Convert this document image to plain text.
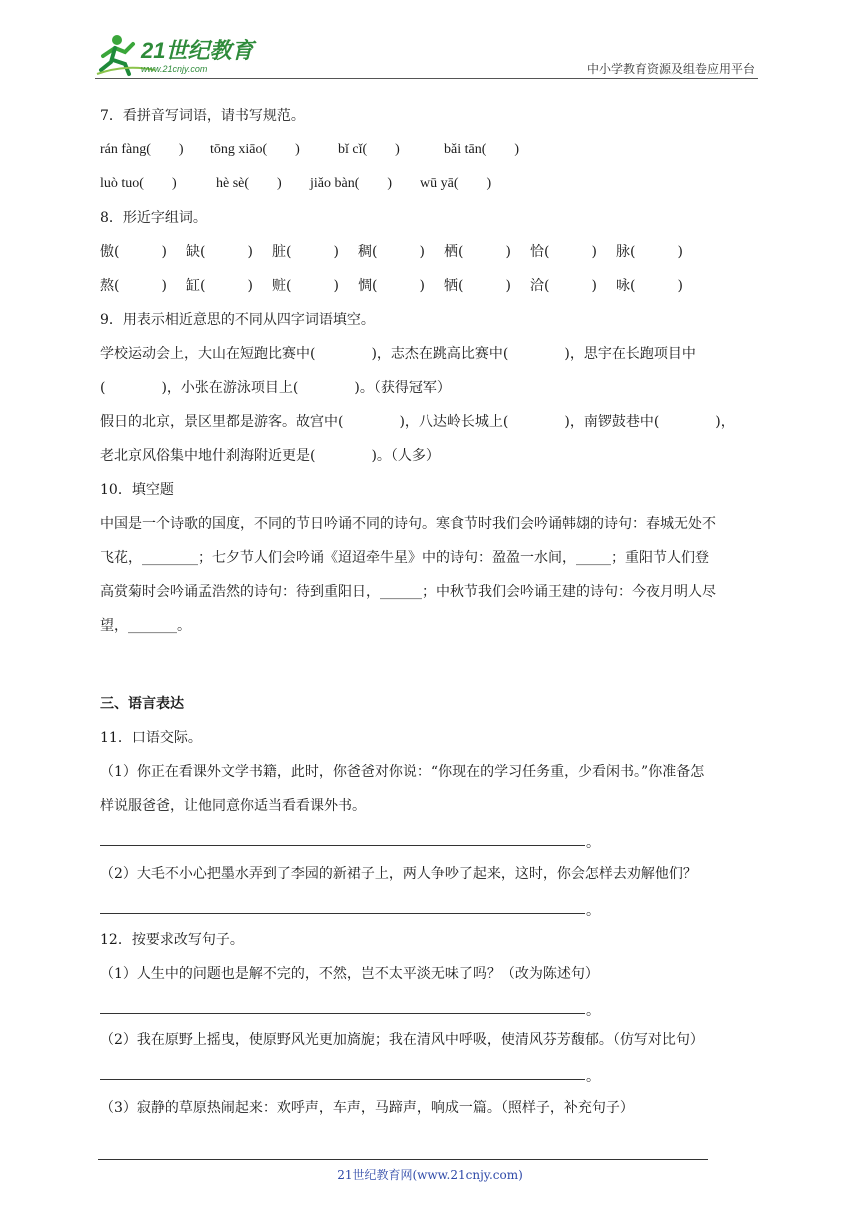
21世纪教育
www.21cnjy.com	中小学教育资源及组卷应用平台
7．看拼音写词语，请书写规范。
rán fàng(　　) tōng xiāo(　　)	bǐ cǐ(　　)	bǎi tān(　　)
luò tuo(　　)	hè sè(　　) jiǎo bàn(　　) wū yā(　　)
8．形近字组词。
傲(　　　) 缺(　　　) 脏(　　　) 稠(　　　) 栖(　　　) 恰(　　　) 脉(　　　)
熬(　　　) 缸(　　　) 赃(　　　) 惆(　　　) 牺(　　　) 洽(　　　) 咏(　　　)
9．用表示相近意思的不同从四字词语填空。
学校运动会上，大山在短跑比赛中(　　　　)，志杰在跳高比赛中(　　　　)，思宇在长跑项目中
(　　　　)，小张在游泳项目上(　　　　)。（获得冠军）
假日的北京，景区里都是游客。故宫中(　　　　)，八达岭长城上(　　　　)，南锣鼓巷中(　　　　)，
老北京风俗集中地什刹海附近更是(　　　　)。（人多）
10．填空题
中国是一个诗歌的国度，不同的节日吟诵不同的诗句。寒食节时我们会吟诵韩翃的诗句：春城无处不
飞花，________；七夕节人们会吟诵《迢迢牵牛星》中的诗句：盈盈一水间，_____；重阳节人们登
高赏菊时会吟诵孟浩然的诗句：待到重阳日，______；中秋节我们会吟诵王建的诗句：今夜月明人尽
望，_______。
三、语言表达
11．口语交际。
（1）你正在看课外文学书籍，此时，你爸爸对你说：“你现在的学习任务重，少看闲书。”你准备怎
样说服爸爸，让他同意你适当看看课外书。
。
（2）大毛不小心把墨水弄到了李园的新裙子上，两人争吵了起来，这时，你会怎样去劝解他们？
。
12．按要求改写句子。
（1）人生中的问题也是解不完的，不然，岂不太平淡无味了吗？（改为陈述句）
。
（2）我在原野上摇曳，使原野风光更加旖旎；我在清风中呼吸，使清风芬芳馥郁。（仿写对比句）
。
（3）寂静的草原热闹起来：欢呼声，车声，马蹄声，响成一篇。（照样子，补充句子）
21世纪教育网(www.21cnjy.com)
